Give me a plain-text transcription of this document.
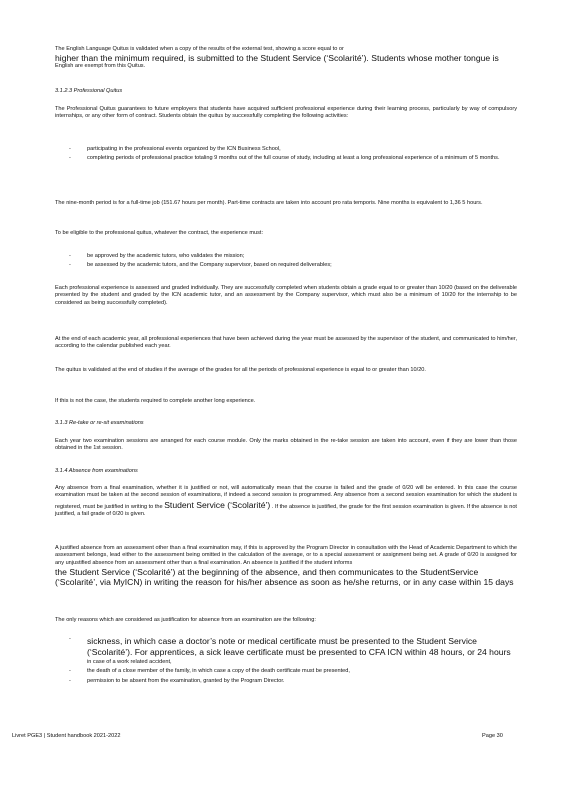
The English Language Quitus is validated when a copy of the results of the external test, showing a score equal to or
higher than the minimum required, is submitted to the Student Service (‘Scolarité’). Students whose mother tongue is
English are exempt from this Quitus.
3.1.2.3 Professional Quitus
The Professional Quitus guarantees to future employers that students have acquired sufficient professional experience during their learning process, particularly by way of compulsory internships, or any other form of contract. Students obtain the quitus by successfully completing the following activities:
- participating in the professional events organized by the ICN Business School,
- completing periods of professional practice totaling 9 months out of the full course of study, including at least a long professional experience of a minimum of 5 months.
The nine-month period is for a full-time job (151.67 hours per month). Part-time contracts are taken into account pro rata temporis. Nine months is equivalent to 1,36 5 hours.
To be eligible to the professional quitus, whatever the contract, the experience must:
- be approved by the academic tutors, who validates the mission;
- be assessed by the academic tutors, and the Company supervisor, based on required deliverables;
Each professional experience is assessed and graded individually. They are successfully completed when students obtain a grade equal to or greater than 10/20 (based on the deliverable presented by the student and graded by the ICN academic tutor, and an assessment by the Company supervisor, which must also be a minimum of 10/20 for the internship to be considered as being successfully completed).
At the end of each academic year, all professional experiences that have been achieved during the year must be assessed by the supervisor of the student, and communicated to him/her, according to the calendar published each year.
The quitus is validated at the end of studies if the average of the grades for all the periods of professional experience is equal to or greater than 10/20.
If this is not the case, the students required to complete another long experience.
3.1.3 Re-take or re-sit examinations
Each year two examination sessions are arranged for each course module. Only the marks obtained in the re-take session are taken into account, even if they are lower than those obtained in the 1st session.
3.1.4 Absence from examinations
Any absence from a final examination, whether it is justified or not, will automatically mean that the course is failed and the grade of 0/20 will be entered. In this case the course examination must be taken at the second session of examinations, if indeed a second session is programmed. Any absence from a second session examination for which the student is registered, must be justified in writing to the Student Service (‘Scolarité’) . If the absence is justified, the grade for the first session examination is given. If the absence is not justified, a fail grade of 0/20 is given.
A justified absence from an assessment other than a final examination may, if this is approved by the Program Director in consultation with the Head of Academic Department to which the assessment belongs, lead either to the assessment being omitted in the calculation of the average, or to a special assessment or assignment being set. A grade of 0/20 is assigned for any unjustified absence from an assessment other than a final examination. An absence is justified if the student informs
the Student Service (‘Scolarité’) at the beginning of the absence, and then communicates to the StudentService
(‘Scolarité’, via MyICN) in writing the reason for his/her absence as soon as he/she returns, or in any case within 15 days
The only reasons which are considered as justification for absence from an examination are the following:
- sickness, in which case a doctor’s note or medical certificate must be presented to the Student Service (‘Scolarité’). For apprentices, a sick leave certificate must be presented to CFA ICN within 48 hours, or 24 hours
in case of a work related accident,
- the death of a close member of the family, in which case a copy of the death certificate must be presented,
- permission to be absent from the examination, granted by the Program Director.
Livret PGE3 | Student handbook 2021-2022	Page 30
